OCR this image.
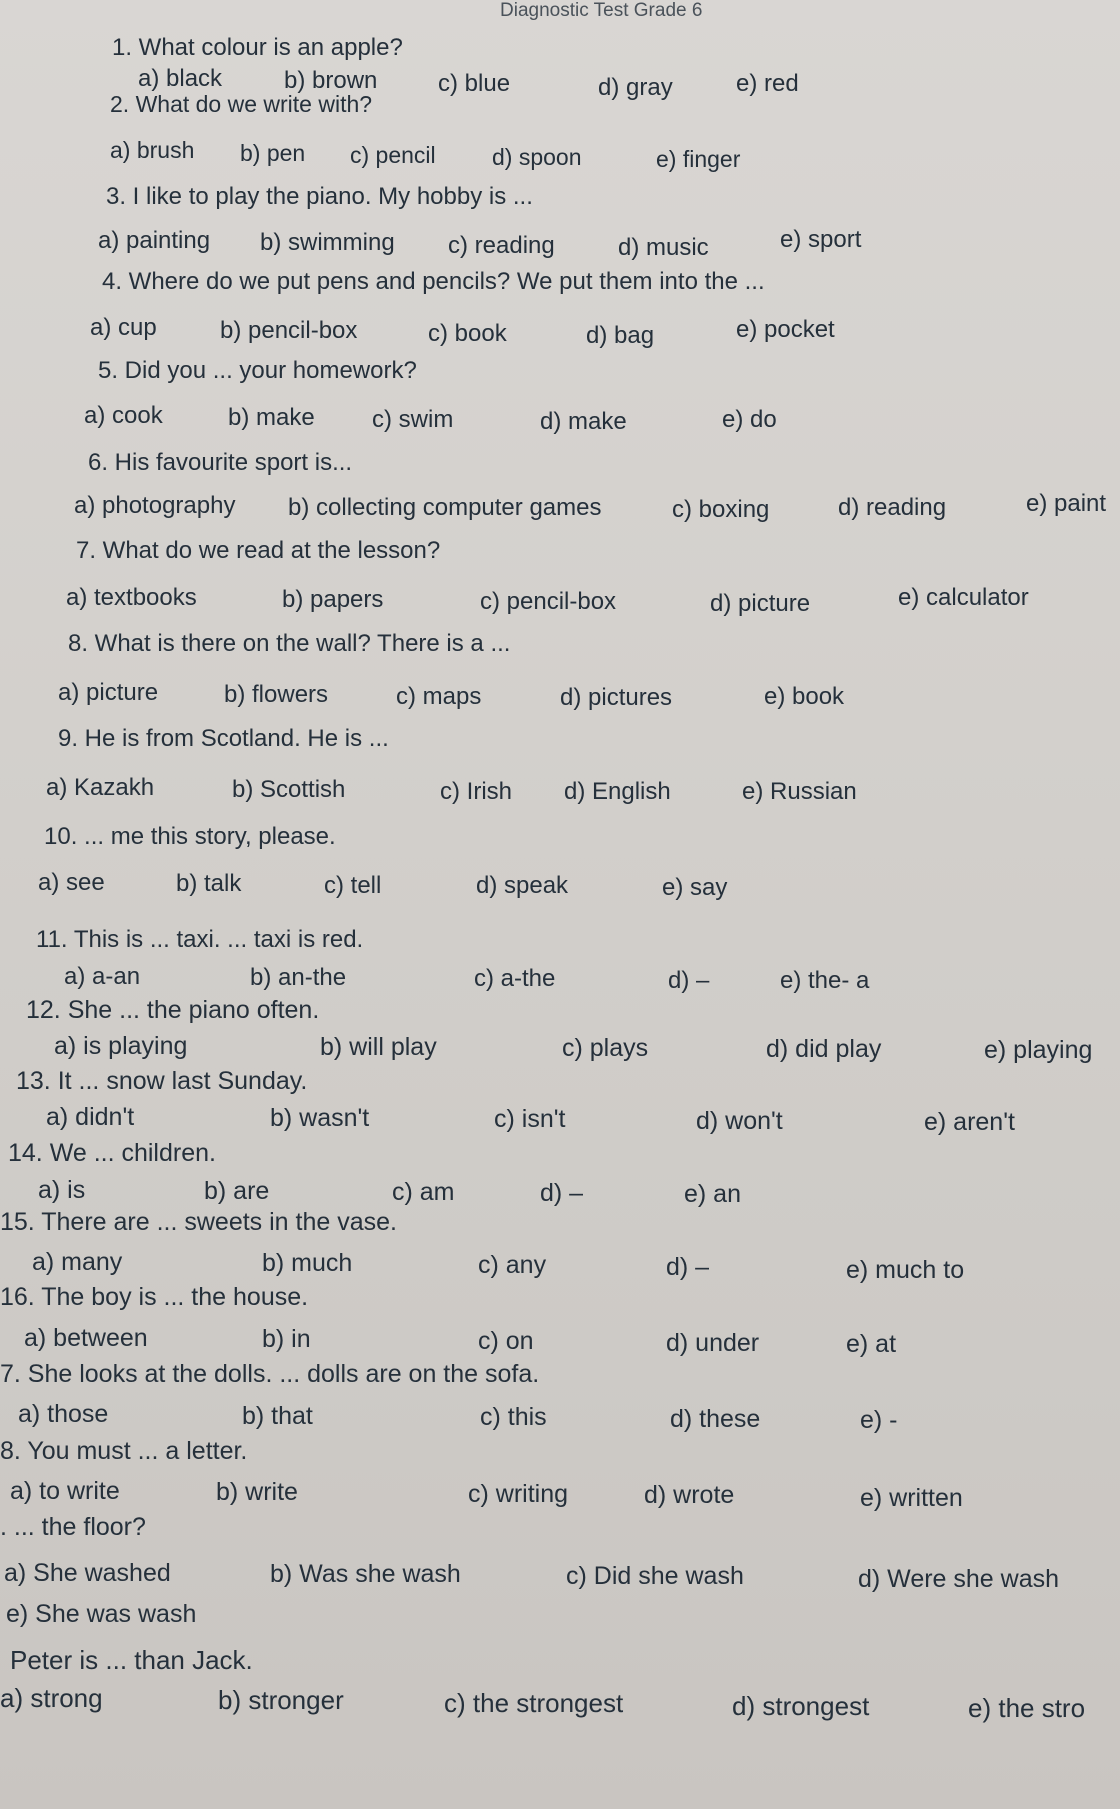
Diagnostic Test Grade 6
1. What colour is an apple?
a) black	b) brown	c) blue	d) gray	e) red
2. What do we write with?
a) brush b) pen c) pencil d) spoon	e) finger
3. I like to play the piano. My hobby is ...
a) painting b) swimming c) reading	d) music	e) sport
4. Where do we put pens and pencils? We put them into the ...
a) cup	b) pencil-box	c) book	d) bag	e) pocket
5. Did you ... your homework?
a) cook	b) make c) swim	d) make	e) do
6. His favourite sport is...
a) photography b) collecting computer games	c) boxing	d) reading	e) paint
7. What do we read at the lesson?
a) textbooks	b) papers	c) pencil-box	d) picture	e) calculator
8. What is there on the wall? There is a ...
a) picture	b) flowers	c) maps	d) pictures	e) book
9. He is from Scotland. He is ...
a) Kazakh	b) Scottish	c) Irish d) English	e) Russian
10. ... me this story, please.
a) see	b) talk	c) tell	d) speak	e) say
11. This is ... taxi. ... taxi is red.
a) a-an	b) an-the	c) a-the	d) –	e) the- a
12. She ... the piano often.
a) is playing	b) will play	c) plays	d) did play	e) playing
13. It ... snow last Sunday.
a) didn't	b) wasn't	c) isn't	d) won't	e) aren't
14. We ... children.
a) is	b) are	c) am	d) –	e) an
15. There are ... sweets in the vase.
a) many	b) much	c) any	d) –	e) much to
16. The boy is ... the house.
a) between	b) in	c) on	d) under	e) at
7. She looks at the dolls. ... dolls are on the sofa.
a) those	b) that	c) this	d) these	e) -
8. You must ... a letter.
a) to write	b) write	c) writing	d) wrote	e) written
. ... the floor?
a) She washed	b) Was she wash	c) Did she wash	d) Were she wash
e) She was wash
Peter is ... than Jack.
a) strong	b) stronger	c) the strongest	d) strongest	e) the stro
